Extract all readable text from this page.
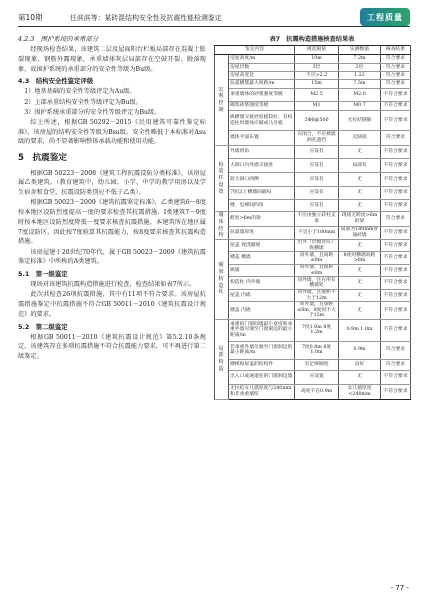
第10期	任滨滨等：某砖混结构安全性及抗震性能检测鉴定	工程质量

4.2.3　围护系统的承重部分

经现场检查结果，该建筑二层及屋面阳台栏板局部存在混凝土胀裂现象、钢筋外露现象，承重墙体灰层局部存在空鼓开裂、脱落现象，故围护系统的承重部分的安全性等级为Bu级。

4.3　结构安全性鉴定评级

1）地基基础的安全性等级评定为Au级。

2）上部承重结构安全性等级评定为Bu级。

3）围护系统承重部分的安全性等级评定为Bu级。

综上所述，根据GB 50292－2015《民用建筑可靠性鉴定标准》，该房屋的结构安全性等级为Bsu级。安全性略低于本标准对Asu级的要求，尚不显著影响整体承载功能和使用功能。

5　抗震鉴定

根据GB 50223－2008《建筑工程抗震设防分类标准》，该房屋属乙类建筑。（教育建筑中，幼儿园、小学、中学的教学用房以及学生宿舍和食堂，抗震设防类别应不低于乙类）。

根据GB 50023－2009《建筑抗震鉴定标准》，乙类建筑6～8度按本地区设防烈度提高一度的要求检查其抗震措施，Ⅰ类建筑7～9度时按本地区设防烈度降低一度要求核查抗震措施。本建筑所在地区属7度设防区，因此按7度验算其抗震能力，按8度要求核查其抗震构造措施。

该房屋建于20世纪70年代，属于GB 50023－2009《建筑抗震鉴定标准》中所称的A类建筑。

5.1　第一级鉴定

现场对该建筑抗震构造措施进行检查，检查结果如表7所示。

此次共检查26项抗震措施，其中有11项不符合要求。该房屋抗震措施鉴定中抗震措施不符合GB 50011－2010《建筑抗震设计规范》的要求。

5.2　第二级鉴定

根据GB 50011－2010《建筑抗震设计规范》第5.2.10条规定，该建筑存在多项抗震措施不符合抗震能力要求，可不再进行第二级鉴定。

表7　抗震构造措施核查结果表
鉴定内容		规范限值	实测数值	核查结果
宏观控制	房屋高度/m	10m	7.2m	符合要求
	房屋层数	3层	2层	符合要求
	房屋高宽比	不应>2.2	1.22	符合要求
	抗震横墙最大间距/m	15m	7.5m	符合要求
	承重墙体的砂浆强度等级	M2.5	M2.0	不符合要求
	砌筑砂浆强度等级	M1	M0.7	不符合要求
	纵横墙交接处咬槎较好，有构造柱时墙体应砌成马牙槎	2Φ6@500	无拉结钢筋	不符合要求
	墙体平面布置	应闭合，不应被墙洞孔遮挡	无缺损	符合要求
构造柱设置	外墙四角	应设有	无	不符合要求
	大洞口内外墙交接处	应设有	局部有	不符合要求
	较大洞口两侧	应设有	无	不符合要求
	7度以上横墙间隔每	应设有	无	不符合要求
	楼、电梯间四角	应设有	无	不符合要求
墙体结构	跨度>6m的梁	不应由独立砖柱支承	现场无跨度>6m的梁	符合要求
	抗震墙厚度	不宜小于180mm	局部为180mm普通砖墙	不符合要求
圈梁构造柱	屋盖 现浇圈梁	沿外（层数对应）纵横墙	无	不符合要求
	楼盖 横墙	同外墙，且间距≤8m	8度时横墙间距>8m	不符合要求
	纵墙	同外墙，且间距≤8m	无	不符合要求
	构造柱 内外墙	同外墙，且在所有横墙处	无	不符合要求
	屋盖 内墙	同外墙，且梁距不大于12m	无	不符合要求
	楼盖 内墙	同外墙，且梁距≤8m，8度时不大于12m	无	不符合要求
局部构造	承重的门窗间墙最小宽度和承重外墙尽端至门窗洞边的最小距离/m	7度1.0m 8度1.2m	0.9m 1.0m	不符合要求
	非承重外墙尽端至门窗洞边的最小距离/m	7度0.8m 8度1.0m	0.9m	符合要求
	楼梯和屋盖的结构件	有足够刚度	良好	符合要求
	出入口或通道处的门窗洞边墙	应设置	无	不符合要求
	无拉结女儿墙厚度与240mm和非承重墙厚	高度不在0.9m	女儿墙厚度<240mm	不符合要求
- 77 -
